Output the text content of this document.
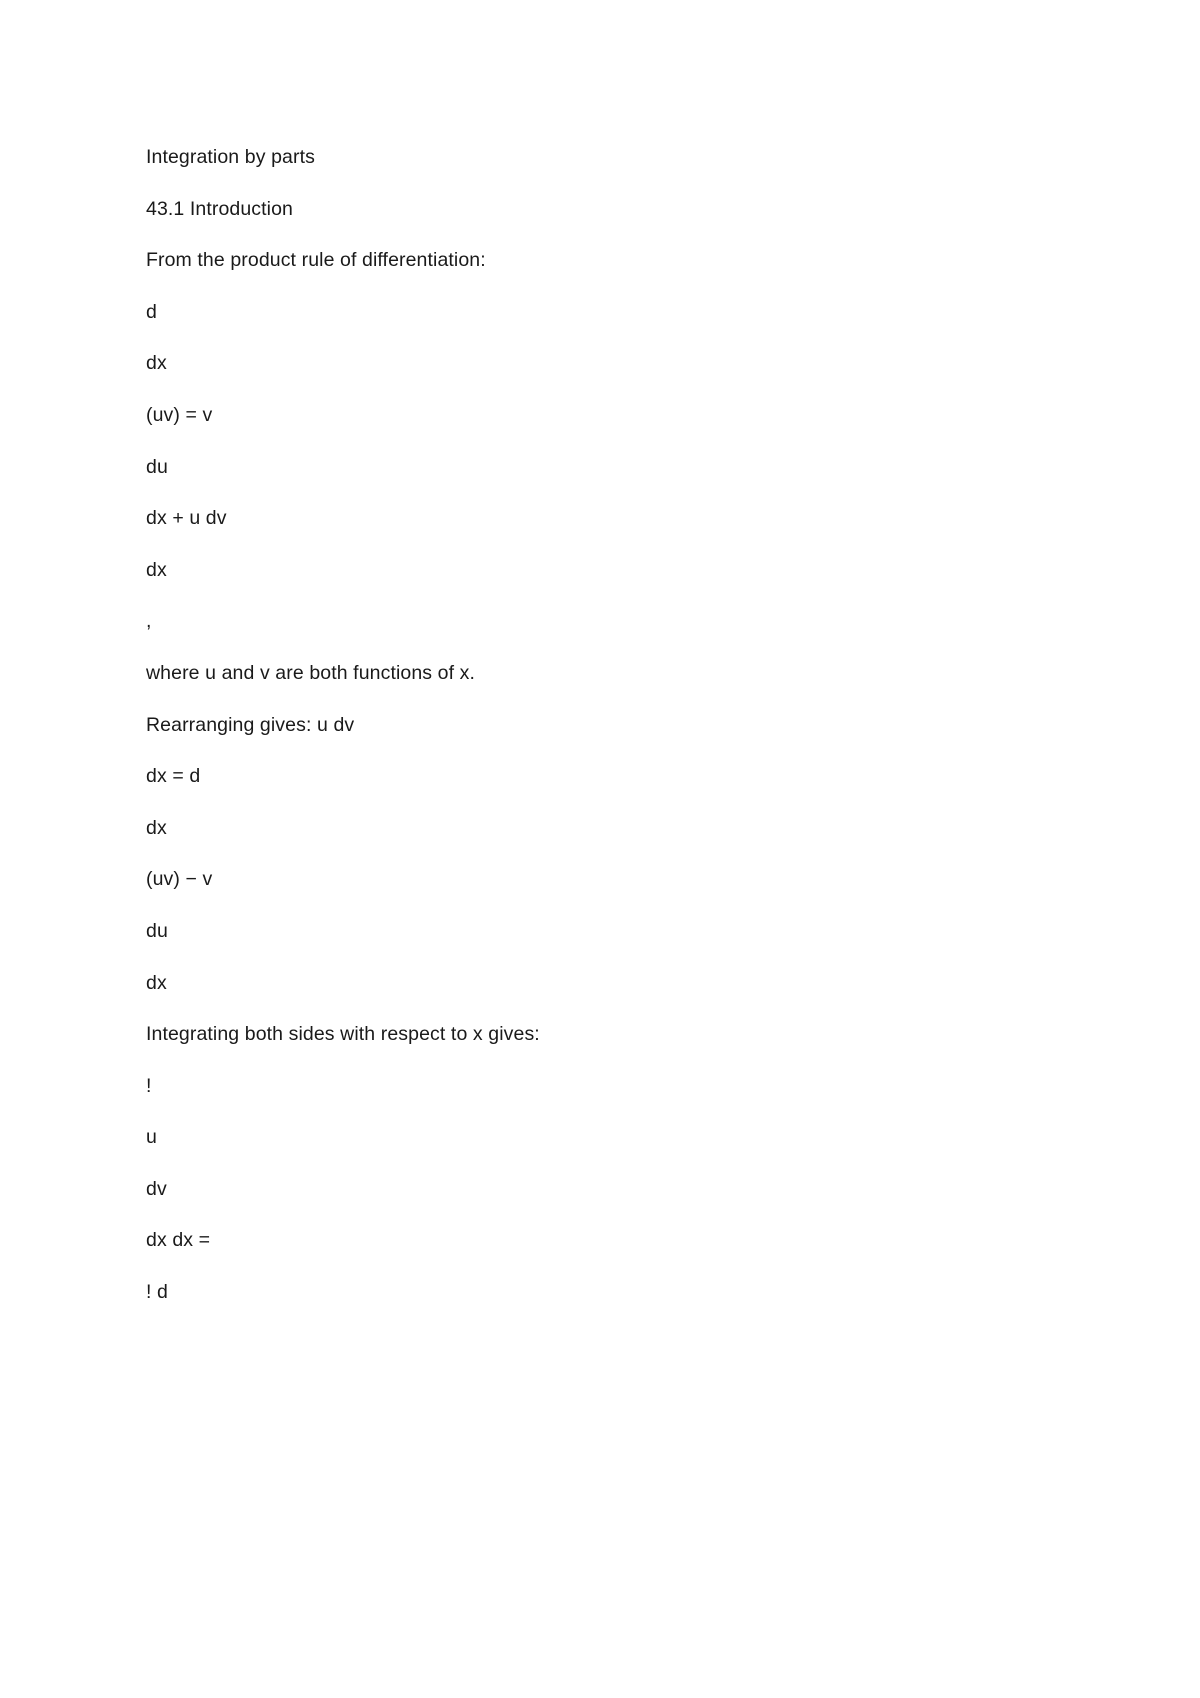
Integration by parts
43.1 Introduction
From the product rule of differentiation:
d
dx
(uv) = v
du
dx + u dv
dx
,
where u and v are both functions of x.
Rearranging gives: u dv
dx = d
dx
(uv) − v
du
dx
Integrating both sides with respect to x gives:
!
u
dv
dx dx =
! d
